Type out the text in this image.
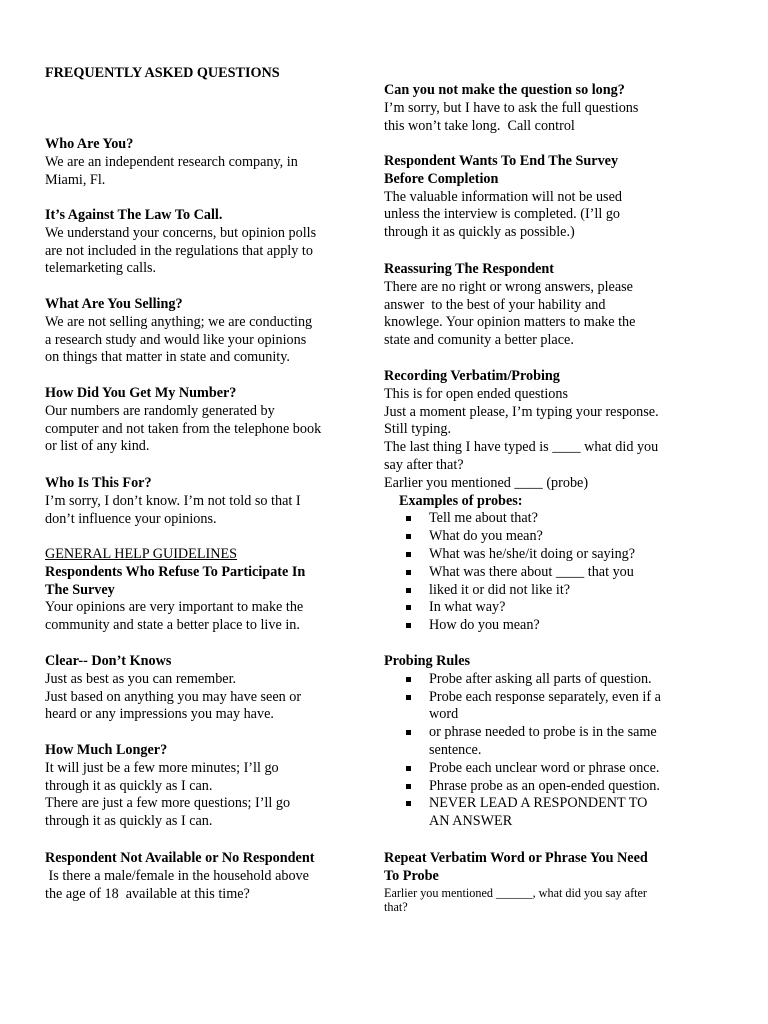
FREQUENTLY ASKED QUESTIONS
Who Are You?
We are an independent research company, in
Miami, Fl.
It’s Against The Law To Call.
We understand your concerns, but opinion polls
are not included in the regulations that apply to
telemarketing calls.
What Are You Selling?
We are not selling anything; we are conducting
a research study and would like your opinions
on things that matter in state and comunity.
How Did You Get My Number?
Our numbers are randomly generated by
computer and not taken from the telephone book
or list of any kind.
Who Is This For?
I’m sorry, I don’t know. I’m not told so that I
don’t influence your opinions.
GENERAL HELP GUIDELINES
Respondents Who Refuse To Participate In
The Survey
Your opinions are very important to make the
community and state a better place to live in.
Clear-- Don’t Knows
Just as best as you can remember.
Just based on anything you may have seen or
heard or any impressions you may have.
How Much Longer?
It will just be a few more minutes; I’ll go
through it as quickly as I can.
There are just a few more questions; I’ll go
through it as quickly as I can.
Respondent Not Available or No Respondent
Is there a male/female in the household above
the age of 18  available at this time?
Can you not make the question so long?
I’m sorry, but I have to ask the full questions
this won’t take long.  Call control
Respondent Wants To End The Survey
Before Completion
The valuable information will not be used
unless the interview is completed. (I’ll go
through it as quickly as possible.)
Reassuring The Respondent
There are no right or wrong answers, please
answer  to the best of your hability and
knowlege. Your opinion matters to make the
state and comunity a better place.
Recording Verbatim/Probing
This is for open ended questions
Just a moment please, I’m typing your response.
Still typing.
The last thing I have typed is ____ what did you
say after that?
Earlier you mentioned ____ (probe)
Examples of probes:
Tell me about that?
What do you mean?
What was he/she/it doing or saying?
What was there about ____ that you
liked it or did not like it?
In what way?
How do you mean?
Probing Rules
Probe after asking all parts of question.
Probe each response separately, even if a
word
or phrase needed to probe is in the same
sentence.
Probe each unclear word or phrase once.
Phrase probe as an open-ended question.
NEVER LEAD A RESPONDENT TO
AN ANSWER
Repeat Verbatim Word or Phrase You Need
To Probe
Earlier you mentioned ______, what did you say after
that?
